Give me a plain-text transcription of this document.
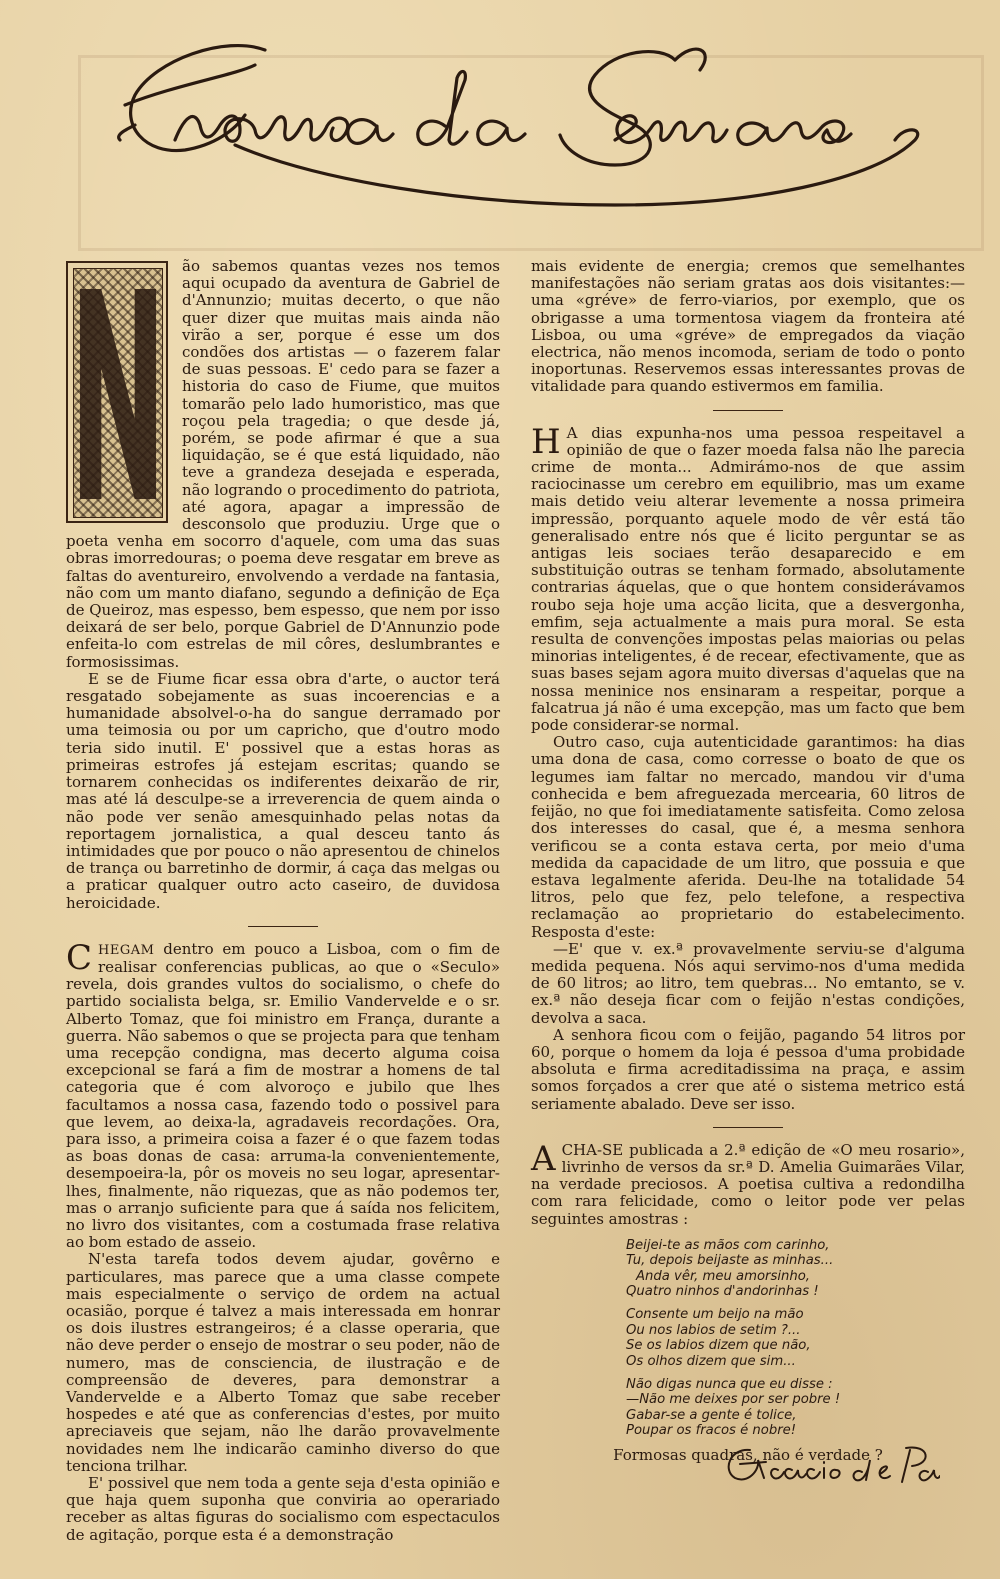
ão sabemos quantas vezes nos temos aqui ocupado da aventura de Gabriel de d'Annunzio; muitas decerto, o que não quer dizer que muitas mais ainda não virão a ser, porque é esse um dos condões dos artistas — o fazerem falar de suas pessoas. E' cedo para se fazer a historia do caso de Fiume, que muitos tomarão pelo lado humoristico, mas que roçou pela tragedia; o que desde já, porém, se pode afirmar é que a sua liquidação, se é que está liquidado, não teve a grandeza desejada e esperada, não logrando o procedimento do patriota, até agora, apagar a impressão de desconsolo que produziu. Urge que o poeta venha em socorro d'aquele, com uma das suas obras imorredouras; o poema deve resgatar em breve as faltas do aventureiro, envolvendo a verdade na fantasia, não com um manto diafano, segundo a definição de Eça de Queiroz, mas espesso, bem espesso, que nem por isso deixará de ser belo, porque Gabriel de D'Annunzio pode enfeita-lo com estrelas de mil côres, deslumbrantes e formosissimas.

E se de Fiume ficar essa obra d'arte, o auctor terá resgatado sobejamente as suas incoerencias e a humanidade absolvel-o-ha do sangue derramado por uma teimosia ou por um capricho, que d'outro modo teria sido inutil. E' possivel que a estas horas as primeiras estrofes já estejam escritas; quando se tornarem conhecidas os indiferentes deixarão de rir, mas até lá desculpe-se a irreverencia de quem ainda o não pode ver senão amesquinhado pelas notas da reportagem jornalistica, a qual desceu tanto ás intimidades que por pouco o não apresentou de chinelos de trança ou barretinho de dormir, á caça das melgas ou a praticar qualquer outro acto caseiro, de duvidosa heroicidade.

CHEGAM dentro em pouco a Lisboa, com o fim de realisar conferencias publicas, ao que o «Seculo» revela, dois grandes vultos do socialismo, o chefe do partido socialista belga, sr. Emilio Vandervelde e o sr. Alberto Tomaz, que foi ministro em França, durante a guerra. Não sabemos o que se projecta para que tenham uma recepção condigna, mas decerto alguma coisa excepcional se fará a fim de mostrar a homens de tal categoria que é com alvoroço e jubilo que lhes facultamos a nossa casa, fazendo todo o possivel para que levem, ao deixa-la, agradaveis recordações. Ora, para isso, a primeira coisa a fazer é o que fazem todas as boas donas de casa: arruma-la convenientemente, desempoeira-la, pôr os moveis no seu logar, apresentar-lhes, finalmente, não riquezas, que as não podemos ter, mas o arranjo suficiente para que á saída nos felicitem, no livro dos visitantes, com a costumada frase relativa ao bom estado de asseio.

N'esta tarefa todos devem ajudar, govêrno e particulares, mas parece que a uma classe compete mais especialmente o serviço de ordem na actual ocasião, porque é talvez a mais interessada em honrar os dois ilustres estrangeiros; é a classe operaria, que não deve perder o ensejo de mostrar o seu poder, não de numero, mas de consciencia, de ilustração e de compreensão de deveres, para demonstrar a Vandervelde e a Alberto Tomaz que sabe receber hospedes e até que as conferencias d'estes, por muito apreciaveis que sejam, não lhe darão provavelmente novidades nem lhe indicarão caminho diverso do que tenciona trilhar.

E' possivel que nem toda a gente seja d'esta opinião e que haja quem suponha que conviria ao operariado receber as altas figuras do socialismo com espectaculos de agitação, porque esta é a demonstração

mais evidente de energia; cremos que semelhantes manifestações não seriam gratas aos dois visitantes:—uma «gréve» de ferro-viarios, por exemplo, que os obrigasse a uma tormentosa viagem da fronteira até Lisboa, ou uma «gréve» de empregados da viação electrica, não menos incomoda, seriam de todo o ponto inoportunas. Reservemos essas interessantes provas de vitalidade para quando estivermos em familia.

H A dias expunha-nos uma pessoa respeitavel a opinião de que o fazer moeda falsa não lhe parecia crime de monta... Admirámo-nos de que assim raciocinasse um cerebro em equilibrio, mas um exame mais detido veiu alterar levemente a nossa primeira impressão, porquanto aquele modo de vêr está tão generalisado entre nós que é licito perguntar se as antigas leis sociaes terão desaparecido e em substituição outras se tenham formado, absolutamente contrarias áquelas, que o que hontem considerávamos roubo seja hoje uma acção licita, que a desvergonha, emfim, seja actualmente a mais pura moral. Se esta resulta de convenções impostas pelas maiorias ou pelas minorias inteligentes, é de recear, efectivamente, que as suas bases sejam agora muito diversas d'aquelas que na nossa meninice nos ensinaram a respeitar, porque a falcatrua já não é uma excepção, mas um facto que bem pode considerar-se normal.

Outro caso, cuja autenticidade garantimos: ha dias uma dona de casa, como corresse o boato de que os legumes iam faltar no mercado, mandou vir d'uma conhecida e bem afreguezada mercearia, 60 litros de feijão, no que foi imediatamente satisfeita. Como zelosa dos interesses do casal, que é, a mesma senhora verificou se a conta estava certa, por meio d'uma medida da capacidade de um litro, que possuia e que estava legalmente aferida. Deu-lhe na totalidade 54 litros, pelo que fez, pelo telefone, a respectiva reclamação ao proprietario do estabelecimento. Resposta d'este:

—E' que v. ex.ª provavelmente serviu-se d'alguma medida pequena. Nós aqui servimo-nos d'uma medida de 60 litros; ao litro, tem quebras... No emtanto, se v. ex.ª não deseja ficar com o feijão n'estas condições, devolva a saca.

A senhora ficou com o feijão, pagando 54 litros por 60, porque o homem da loja é pessoa d'uma probidade absoluta e firma acreditadissima na praça, e assim somos forçados a crer que até o sistema metrico está seriamente abalado. Deve ser isso.

ACHA-SE publicada a 2.ª edição de «O meu rosario», livrinho de versos da sr.ª D. Amelia Guimarães Vilar, na verdade preciosos. A poetisa cultiva a redondilha com rara felicidade, como o leitor pode ver pelas seguintes amostras :

Beijei-te as mãos com carinho,
Tu, depois beijaste as minhas...
Anda vêr, meu amorsinho,
Quatro ninhos d'andorinhas !
Consente um beijo na mão
Ou nos labios de setim ?...
Se os labios dizem que não,
Os olhos dizem que sim...
Não digas nunca que eu disse :
—Não me deixes por ser pobre !
Gabar-se a gente é tolice,
Poupar os fracos é nobre!

Formosas quadras, não é verdade ?
